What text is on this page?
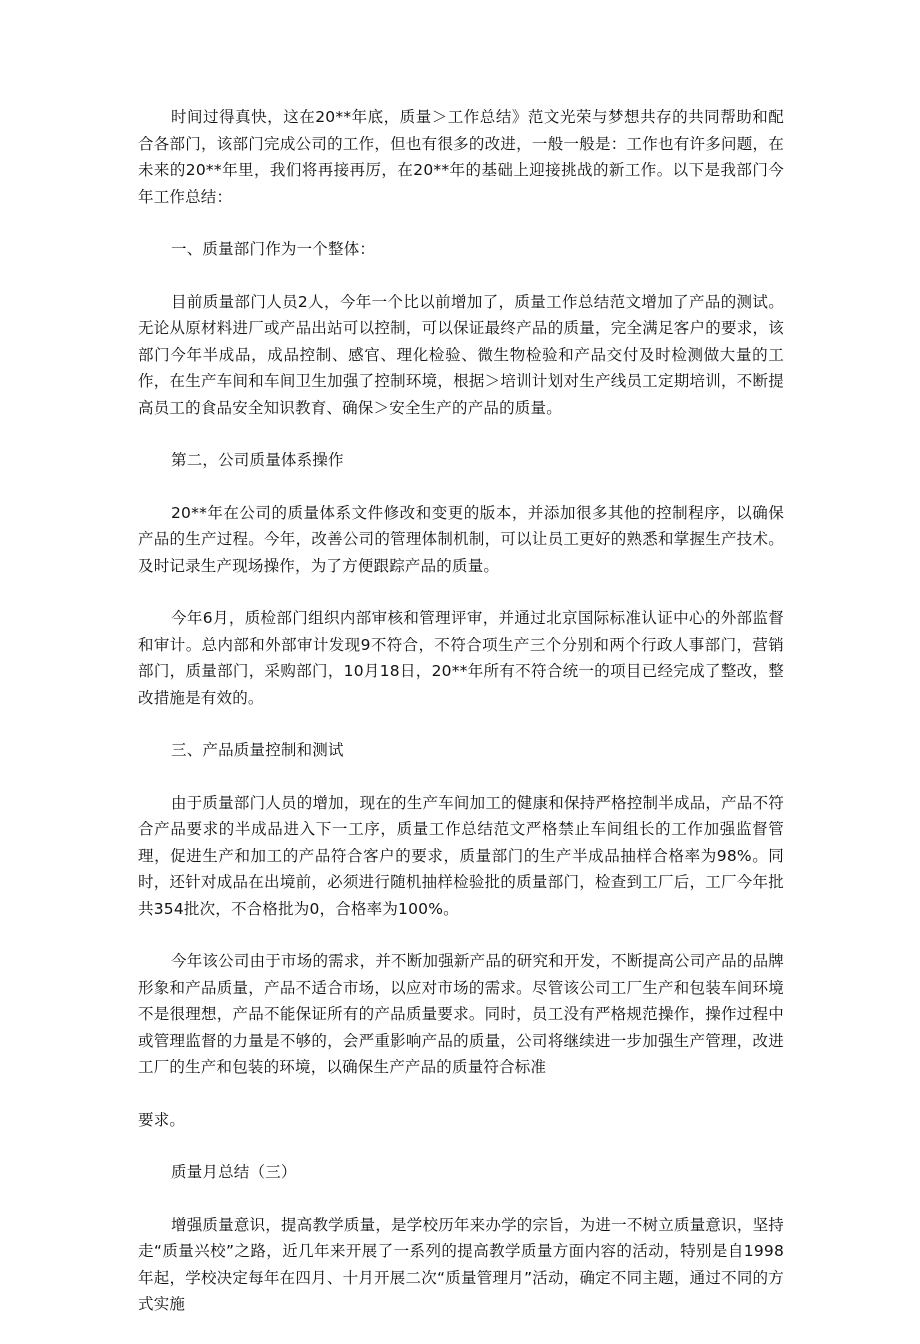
时间过得真快，这在20**年底，质量＞工作总结》范文光荣与梦想共存的共同帮助和配合各部门，该部门完成公司的工作，但也有很多的改进，一般一般是：工作也有许多问题，在未来的20**年里，我们将再接再厉，在20**年的基础上迎接挑战的新工作。以下是我部门今年工作总结：

一、质量部门作为一个整体：

目前质量部门人员2人，今年一个比以前增加了，质量工作总结范文增加了产品的测试。无论从原材料进厂或产品出站可以控制，可以保证最终产品的质量，完全满足客户的要求，该部门今年半成品，成品控制、感官、理化检验、微生物检验和产品交付及时检测做大量的工作，在生产车间和车间卫生加强了控制环境，根据＞培训计划对生产线员工定期培训，不断提高员工的食品安全知识教育、确保＞安全生产的产品的质量。

第二，公司质量体系操作

20**年在公司的质量体系文件修改和变更的版本，并添加很多其他的控制程序，以确保产品的生产过程。今年，改善公司的管理体制机制，可以让员工更好的熟悉和掌握生产技术。及时记录生产现场操作，为了方便跟踪产品的质量。

今年6月，质检部门组织内部审核和管理评审，并通过北京国际标准认证中心的外部监督和审计。总内部和外部审计发现9不符合，不符合项生产三个分别和两个行政人事部门，营销部门，质量部门，采购部门，10月18日，20**年所有不符合统一的项目已经完成了整改，整改措施是有效的。

三、产品质量控制和测试

由于质量部门人员的增加，现在的生产车间加工的健康和保持严格控制半成品，产品不符合产品要求的半成品进入下一工序，质量工作总结范文严格禁止车间组长的工作加强监督管理，促进生产和加工的产品符合客户的要求，质量部门的生产半成品抽样合格率为98%。同时，还针对成品在出境前，必须进行随机抽样检验批的质量部门，检查到工厂后，工厂今年批共354批次，不合格批为0，合格率为100%。

今年该公司由于市场的需求，并不断加强新产品的研究和开发，不断提高公司产品的品牌形象和产品质量，产品不适合市场，以应对市场的需求。尽管该公司工厂生产和包装车间环境不是很理想，产品不能保证所有的产品质量要求。同时，员工没有严格规范操作，操作过程中或管理监督的力量是不够的，会严重影响产品的质量，公司将继续进一步加强生产管理，改进工厂的生产和包装的环境，以确保生产产品的质量符合标准

要求。

质量月总结（三）

增强质量意识，提高教学质量，是学校历年来办学的宗旨，为进一不树立质量意识，坚持走“质量兴校”之路，近几年来开展了一系列的提高教学质量方面内容的活动，特别是自1998年起，学校决定每年在四月、十月开展二次“质量管理月”活动，确定不同主题，通过不同的方式实施
